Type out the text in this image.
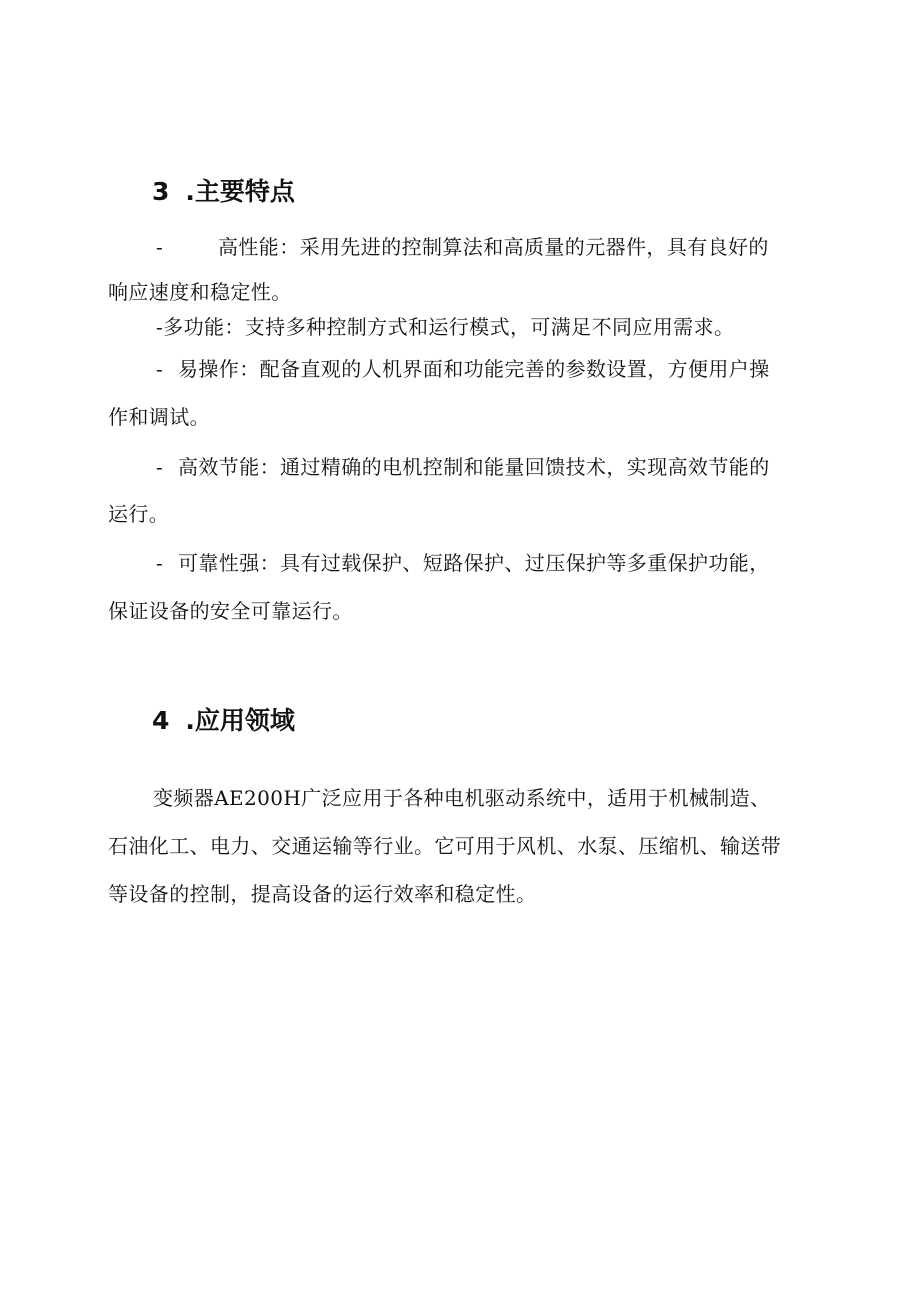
3 .主要特点
-	高性能：采用先进的控制算法和高质量的元器件，具有良好的
响应速度和稳定性。
-多功能：支持多种控制方式和运行模式，可满足不同应用需求。
- 易操作：配备直观的人机界面和功能完善的参数设置，方便用户操
作和调试。
- 高效节能：通过精确的电机控制和能量回馈技术，实现高效节能的
运行。
- 可靠性强：具有过载保护、短路保护、过压保护等多重保护功能，
保证设备的安全可靠运行。
4 .应用领域
变频器AE200H广泛应用于各种电机驱动系统中，适用于机械制造、
石油化工、电力、交通运输等行业。它可用于风机、水泵、压缩机、输送带
等设备的控制，提高设备的运行效率和稳定性。
